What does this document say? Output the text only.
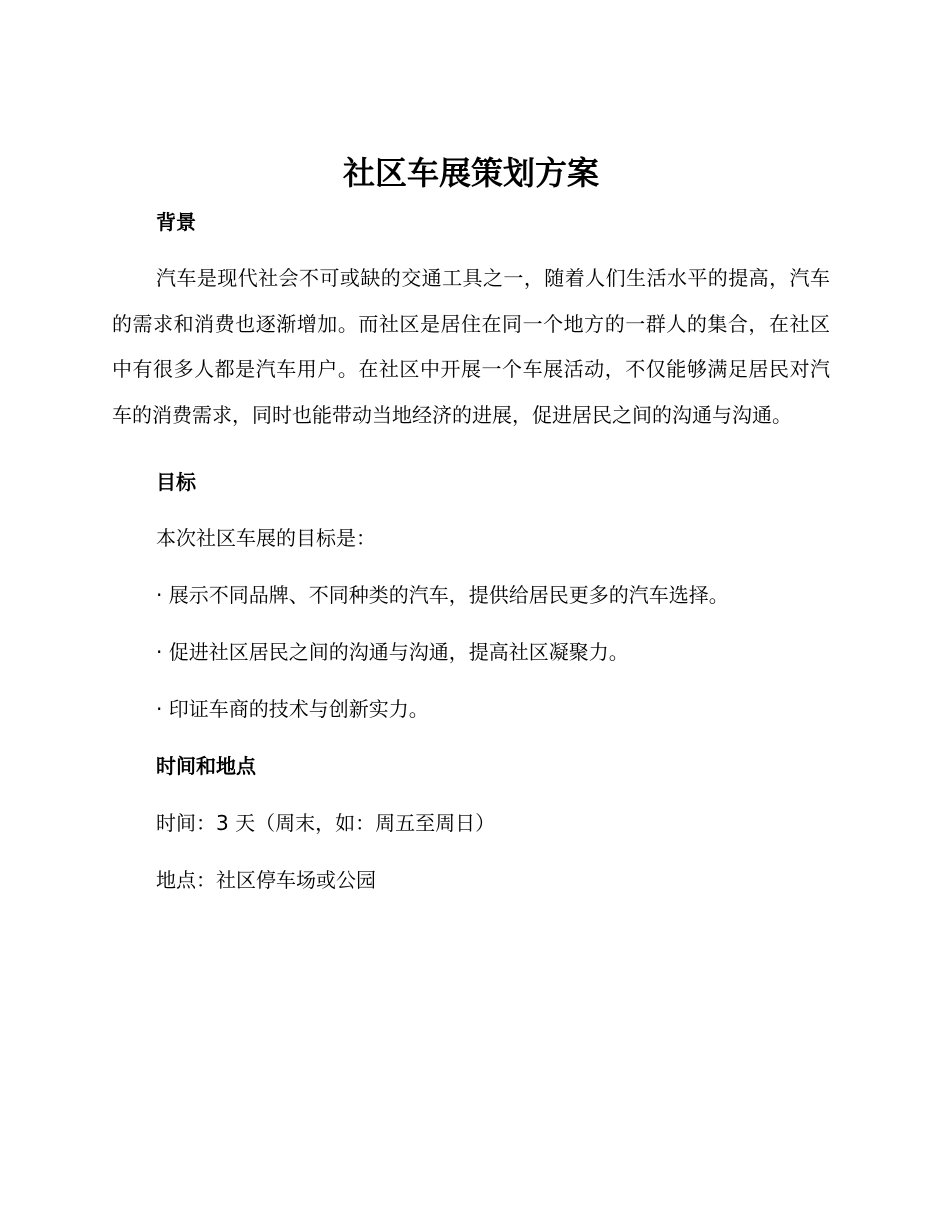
社区车展策划方案
背景

汽车是现代社会不可或缺的交通工具之一，随着人们生活水平的提高，汽车的需求和消费也逐渐增加。而社区是居住在同一个地方的一群人的集合，在社区中有很多人都是汽车用户。在社区中开展一个车展活动，不仅能够满足居民对汽车的消费需求，同时也能带动当地经济的进展，促进居民之间的沟通与沟通。

目标

本次社区车展的目标是：

· 展示不同品牌、不同种类的汽车，提供给居民更多的汽车选择。

· 促进社区居民之间的沟通与沟通，提高社区凝聚力。

· 印证车商的技术与创新实力。

时间和地点

时间：3 天（周末，如：周五至周日）

地点：社区停车场或公园
